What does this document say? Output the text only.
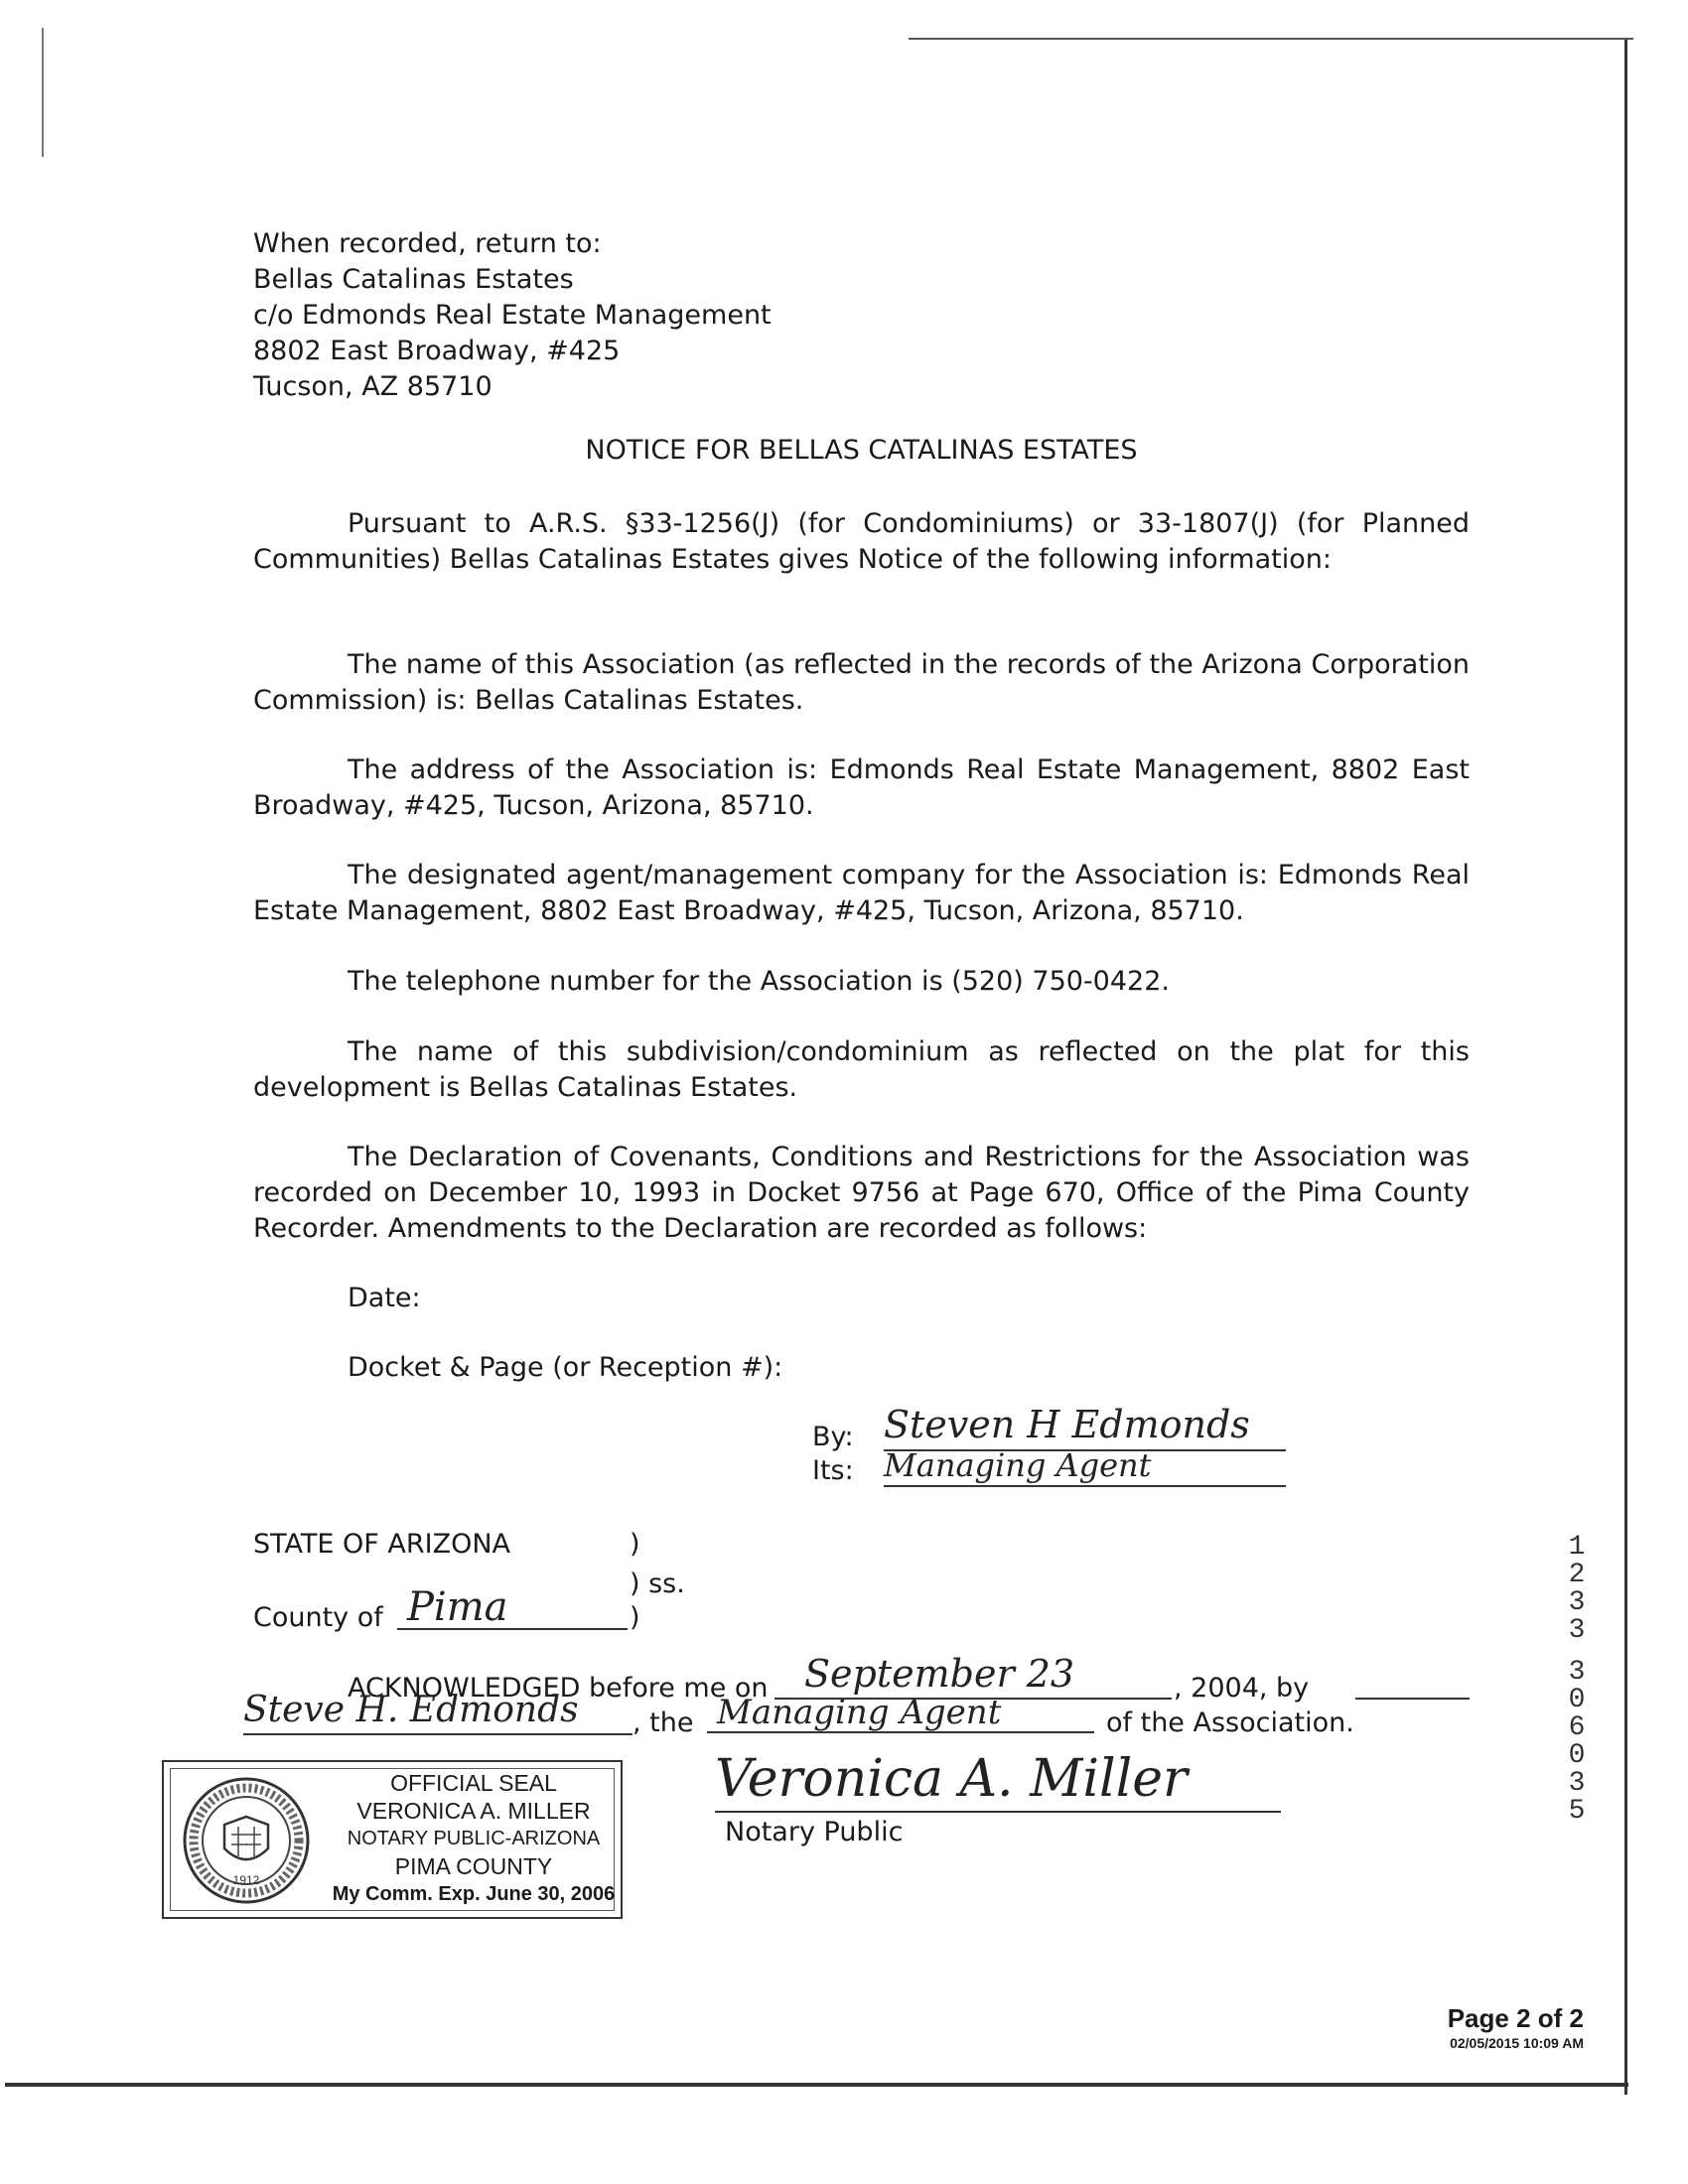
When recorded, return to:
Bellas Catalinas Estates
c/o Edmonds Real Estate Management
8802 East Broadway, #425
Tucson, AZ 85710
NOTICE FOR BELLAS CATALINAS ESTATES
Pursuant to A.R.S. §33-1256(J) (for Condominiums) or 33-1807(J) (for Planned Communities) Bellas Catalinas Estates gives Notice of the following information:
The name of this Association (as reflected in the records of the Arizona Corporation Commission) is: Bellas Catalinas Estates.
The address of the Association is: Edmonds Real Estate Management, 8802 East Broadway, #425, Tucson, Arizona, 85710.
The designated agent/management company for the Association is: Edmonds Real Estate Management, 8802 East Broadway, #425, Tucson, Arizona, 85710.
The telephone number for the Association is (520) 750-0422.
The name of this subdivision/condominium as reflected on the plat for this development is Bellas Catalinas Estates.
The Declaration of Covenants, Conditions and Restrictions for the Association was recorded on December 10, 1993 in Docket 9756 at Page 670, Office of the Pima County Recorder. Amendments to the Declaration are recorded as follows:
Date:
Docket & Page (or Reception #):
By: Steven H Edmonds
Its: Managing Agent
STATE OF ARIZONA	)
) ss.
County of Pima	)
ACKNOWLEDGED before me on September 23	, 2004, by
Steve H. Edmonds	, the Managing Agent	of the Association.
Veronica A. Miller
Notary Public
1912
OFFICIAL SEAL
VERONICA A. MILLER
NOTARY PUBLIC-ARIZONA
PIMA COUNTY
My Comm. Exp. June 30, 2006
1
2
3
3
3
0
6
0
3
5
Page 2 of 2
02/05/2015 10:09 AM
